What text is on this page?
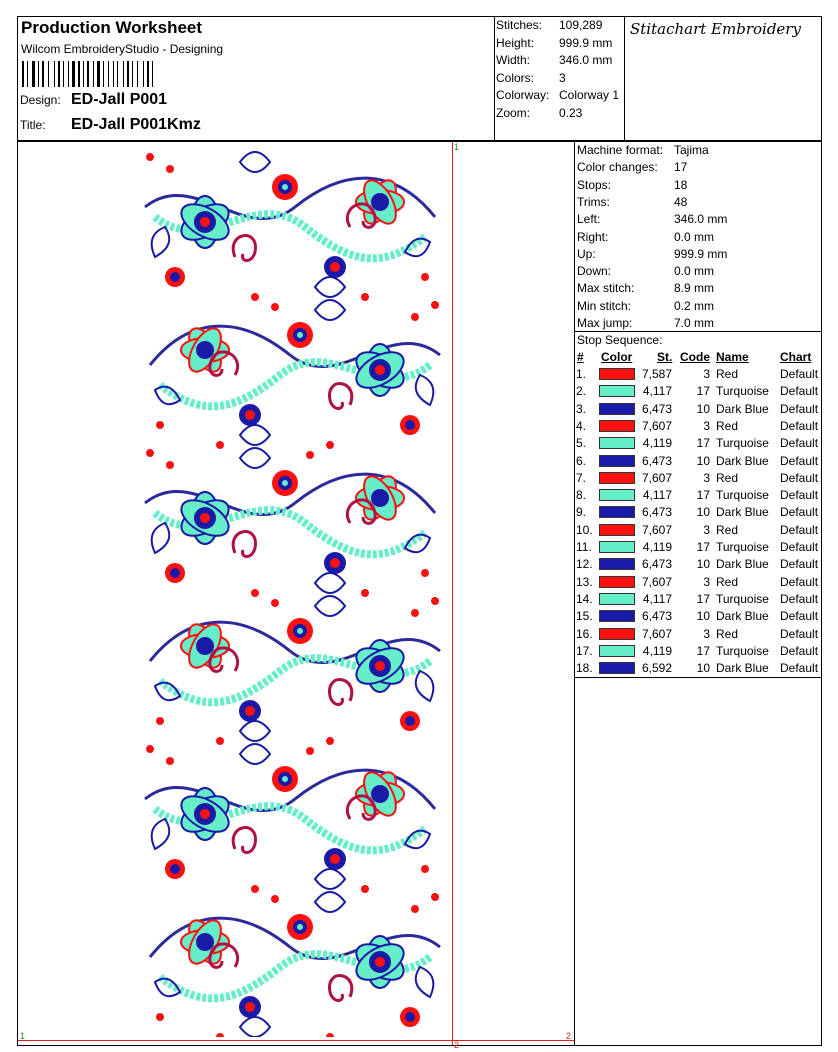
Production Worksheet
Wilcom EmbroideryStudio - Designing
Design: ED-Jall P001
Title: ED-Jall P001Kmz
Stitches: 109,289
Height: 999.9 mm
Width: 346.0 mm
Colors: 3
Colorway: Colorway 1
Zoom: 0.23
Stitachart Embroidery
1
1
2
2
Machine format: Tajima
Color changes: 17
Stops:	18
Trims:	48
Left:	346.0 mm
Right:	0.0 mm
Up:	999.9 mm
Down:	0.0 mm
Max stitch:	8.9 mm
Min stitch:	0.2 mm
Max jump:	7.0 mm
Stop Sequence:
# Color St. Code Name	Chart
1.	7,587	3 Red	Default
2.	4,117	17 Turquoise Default
3.	6,473	10 Dark Blue Default
4.	7,607	3 Red	Default
5.	4,119	17 Turquoise Default
6.	6,473	10 Dark Blue Default
7.	7,607	3 Red	Default
8.	4,117	17 Turquoise Default
9.	6,473	10 Dark Blue Default
10.	7,607	3 Red	Default
11.	4,119	17 Turquoise Default
12.	6,473	10 Dark Blue Default
13.	7,607	3 Red	Default
14.	4,117	17 Turquoise Default
15.	6,473	10 Dark Blue Default
16.	7,607	3 Red	Default
17.	4,119	17 Turquoise Default
18.	6,592	10 Dark Blue Default
